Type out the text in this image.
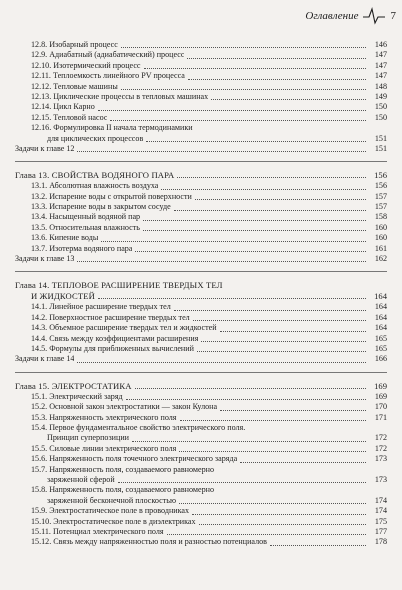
Оглавление	7
12.8. Изобарный процесс	146
12.9. Адиабатный (адиабатический) процесс	147
12.10. Изотермический процесс	147
12.11. Теплоемкость линейного PV процесса	147
12.12. Тепловые машины	148
12.13. Циклические процессы в тепловых машинах	149
12.14. Цикл Карно	150
12.15. Тепловой насос	150
12.16. Формулировка II начала термодинамики
для циклических процессов	151
Задачи к главе 12	151
Глава 13. СВОЙСТВА ВОДЯНОГО ПАРА	156
13.1. Абсолютная влажность воздуха	156
13.2. Испарение воды с открытой поверхности	157
13.3. Испарение воды в закрытом сосуде	157
13.4. Насыщенный водяной пар	158
13.5. Относительная влажность	160
13.6. Кипение воды	160
13.7. Изотерма водяного пара	161
Задачи к главе 13	162
Глава 14. ТЕПЛОВОЕ РАСШИРЕНИЕ ТВЕРДЫХ ТЕЛ
И ЖИДКОСТЕЙ	164
14.1. Линейное расширение твердых тел	164
14.2. Поверхностное расширение твердых тел	164
14.3. Объемное расширение твердых тел и жидкостей	164
14.4. Связь между коэффициентами расширения	165
14.5. Формулы для приближенных вычислений	165
Задачи к главе 14	166
Глава 15. ЭЛЕКТРОСТАТИКА	169
15.1. Электрический заряд	169
15.2. Основной закон электростатики — закон Кулона	170
15.3. Напряженность электрического поля	171
15.4. Первое фундаментальное свойство электрического поля.
Принцип суперпозиции	172
15.5. Силовые линии электрического поля	172
15.6. Напряженность поля точечного электрического заряда	173
15.7. Напряженность поля, создаваемого равномерно
заряженной сферой	173
15.8. Напряженность поля, создаваемого равномерно
заряженной бесконечной плоскостью	174
15.9. Электростатическое поле в проводниках	174
15.10. Электростатическое поле в диэлектриках	175
15.11. Потенциал электрического поля	177
15.12. Связь между напряженностью поля и разностью потенциалов	178
